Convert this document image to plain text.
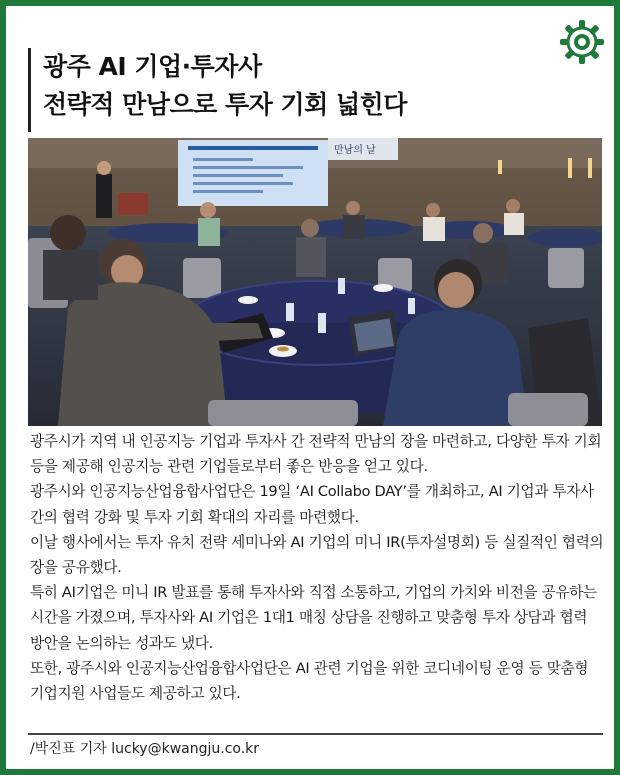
광주 AI 기업·투자사
전략적 만남으로 투자 기회 넓힌다
만남의 날

광주시가 지역 내 인공지능 기업과 투자사 간 전략적 만남의 장을 마련하고, 다양한 투자 기회 등을 제공해 인공지능 관련 기업들로부터 좋은 반응을 얻고 있다.

광주시와 인공지능산업융합사업단은 19일 ‘AI Collabo DAY’를 개최하고, AI 기업과 투자사 간의 협력 강화 및 투자 기회 확대의 자리를 마련했다.

이날 행사에서는 투자 유치 전략 세미나와 AI 기업의 미니 IR(투자설명회) 등 실질적인 협력의 장을 공유했다.

특히 AI기업은 미니 IR 발표를 통해 투자사와 직접 소통하고, 기업의 가치와 비전을 공유하는 시간을 가졌으며, 투자사와 AI 기업은 1대1 매칭 상담을 진행하고 맞춤형 투자 상담과 협력 방안을 논의하는 성과도 냈다.

또한, 광주시와 인공지능산업융합사업단은 AI 관련 기업을 위한 코디네이팅 운영 등 맞춤형 기업지원 사업들도 제공하고 있다.

/박진표 기자 lucky@kwangju.co.kr
